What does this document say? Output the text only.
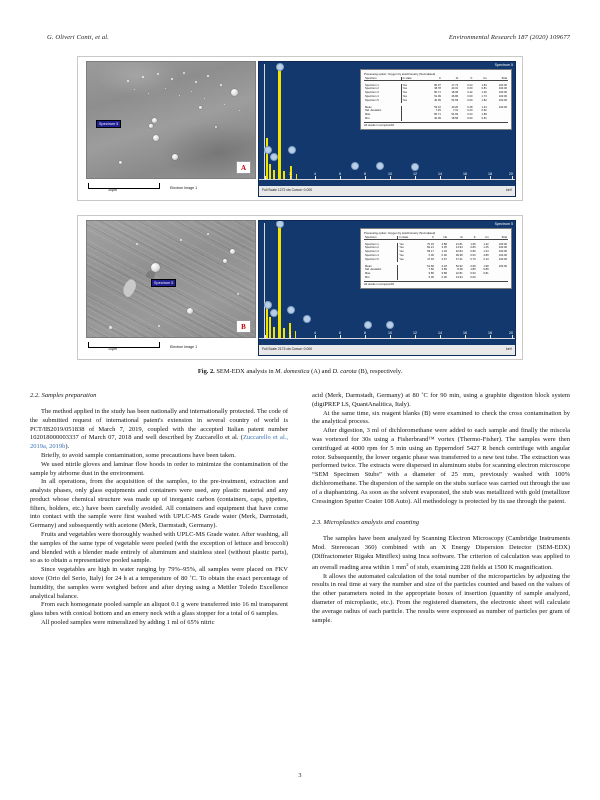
G. Oliveri Conti, et al.	Environmental Research 187 (2020) 109677
Spectrum 5
A
30μm	Electron Image 1
Spectrum 5
2	4	6	8	10	12	14	16	18	20
Processing option: Oxygen by stoichiometry (Normalised)
Spectrum	In stats.	C	Al	K	Cu	Total

Spectrum 1	Yes	80.07	17.73	0.24	1.84	100.00
Spectrum 2	Yes	38.78	40.31	0.00	0.81	100.00
Spectrum 3	Yes	80.71	18.08	0.42	1.30	100.00
Spectrum 4	Yes	51.09	46.86	0.00	1.73	100.00
Spectrum 5	Yes	40.09	54.69	0.00	1.82	100.00

Mean		53.10	40.20	0.28	1.44	100.00
Std. deviation		7.45	7.31	0.23	0.52	
Max.		80.71	54.69	0.24	1.89	
Min.		40.09	18.58	0.00	0.81	
All results in compound%
Full Scale 1272 cts Cursor: 0.000	keV
Spectrum 5
B
10μm	Electron Image 1
Spectrum 5
2	4	6	8	10	12	14	16	18	20
Processing option: Oxygen by stoichiometry (Normalised)
Spectrum	In stats.	C	Na	Al	K	Cu	Total

Spectrum 1	Yes	70.33	4.88	21.81	1.66	1.32	100.00
Spectrum 2	Yes	82.21	3.35	13.94	0.80	1.45	100.00
Spectrum 3	Yes	59.17	1.03	40.84	0.80	1.34	100.00
Spectrum 4	Yes	0.00	0.00	99.38	0.00	4.89	100.00
Spectrum 5	Yes	47.18	2.67	47.31	0.79	2.13	100.00

Mean		51.68	2.18	52.92	0.69	1.98	100.00
Std. deviation		7.66	3.89	8.38	1.80	9.89	
Max.		9.85	9.88	22.81	0.93	0.81	
Min.		0.00	0.00	13.94	0.00		
All results in compound%
Full Scale 2173 cts Cursor: 0.000	keV
Fig. 2. SEM-EDX analysis in M. domestica (A) and D. carota (B), respectively.
2.2. Samples preparation

The method applied in the study has been nationally and internationally protected. The code of the submitted request of international patent's extension in several country of world is PCT/IB2019/051838 of March 7, 2019, coupled with the accepted Italian patent number 102018000003337 of March 07, 2018 and well described by Zuccarello et al. (Zuccarello et al., 2019a, 2019b).

Briefly, to avoid sample contamination, some precautions have been taken.

We used nitrile gloves and laminar flow hoods in order to minimize the contamination of the sample by airborne dust in the environment.

In all operations, from the acquisition of the samples, to the pre-treatment, extraction and analysis phases, only glass equipments and containers were used, any plastic material and any product whose chemical structure was made up of inorganic carbon (containers, caps, pipettes, filters, holders, etc.) have been carefully avoided. All containers and equipment that have come into contact with the sample were first washed with UPLC-MS Grade water (Merk, Darmstadt, Germany) and subsequently with acetone (Merk, Darmstadt, Germany).

Fruits and vegetables were thoroughly washed with UPLC-MS Grade water. After washing, all the samples of the same type of vegetable were peeled (with the exception of lettuce and broccoli) and blended with a blender made entirely of aluminum and stainless steel (without plastic parts), so as to obtain a representative pooled sample.

Since vegetables are high in water ranging by 79%–95%, all samples were placed on FKV stove (Orio del Serio, Italy) for 24 h at a temperature of 80 ˚C. To obtain the exact percentage of humidity, the samples were weighed before and after drying using a Mettler Toledo Excellence analytical balance.

From each homogenate pooled sample an aliquot 0.1 g were transferred into 16 ml transparent glass tubes with conical bottom and an emery neck with a glass stopper for a total of 6 samples.

All pooled samples were mineralized by adding 1 ml of 65% nitric

acid (Merk, Darmstadt, Germany) at 80 ˚C for 90 min, using a graphite digestion block system (digiPREP LS, QuantAnalitica, Italy).

At the same time, six reagent blanks (B) were examined to check the cross contamination by the analytical process.

After digestion, 3 ml of dichloromethane were added to each sample and finally the miscela was vortexed for 30s using a Fisherbrand™ vortex (Thermo-Fisher). The samples were then centrifuged at 4000 rpm for 5 min using an Epperndorf 5427 R bench centrifuge with angular rotor. Subsequently, the lower organic phase was transferred to a new test tube. The extraction was performed twice. The extracts were dispersed in aluminum stubs for scanning electron microscope “SEM Specimen Stubs” with a diameter of 25 mm, previously washed with 100% dichloromethane. The dispersion of the sample on the stubs surface was carried out through the use of a diaphanizing. As soon as the solvent evaporated, the stub was metallized with gold (metallizer Cressington Sputter Coater 108 Auto). All methodology is protected by its use through the patent.

2.3. Microplastics analysis and counting

The samples have been analyzed by Scanning Electron Microscopy (Cambridge Instruments Mod. Stereoscan 360) combined with an X Energy Dispersion Detector (SEM-EDX) (Diffractometer Rigaku Miniflex) using Inca software. The criterion of calculation was applied to an overall reading area within 1 $mm^2$ of stub, examining 228 fields at 1500 K magnification.

It allows the automated calculation of the total number of the microparticles by adjusting the results in real time at vary the number and size of the particles counted and based on the values of the other parameters noted in the appropriate boxes of insertion (quantity of sample analyzed, diameter of microplastic, etc.). From the registered diameters, the electronic sheet will calculate the average radius of each particle. The results were expressed as number of particles per gram of sample.

3
